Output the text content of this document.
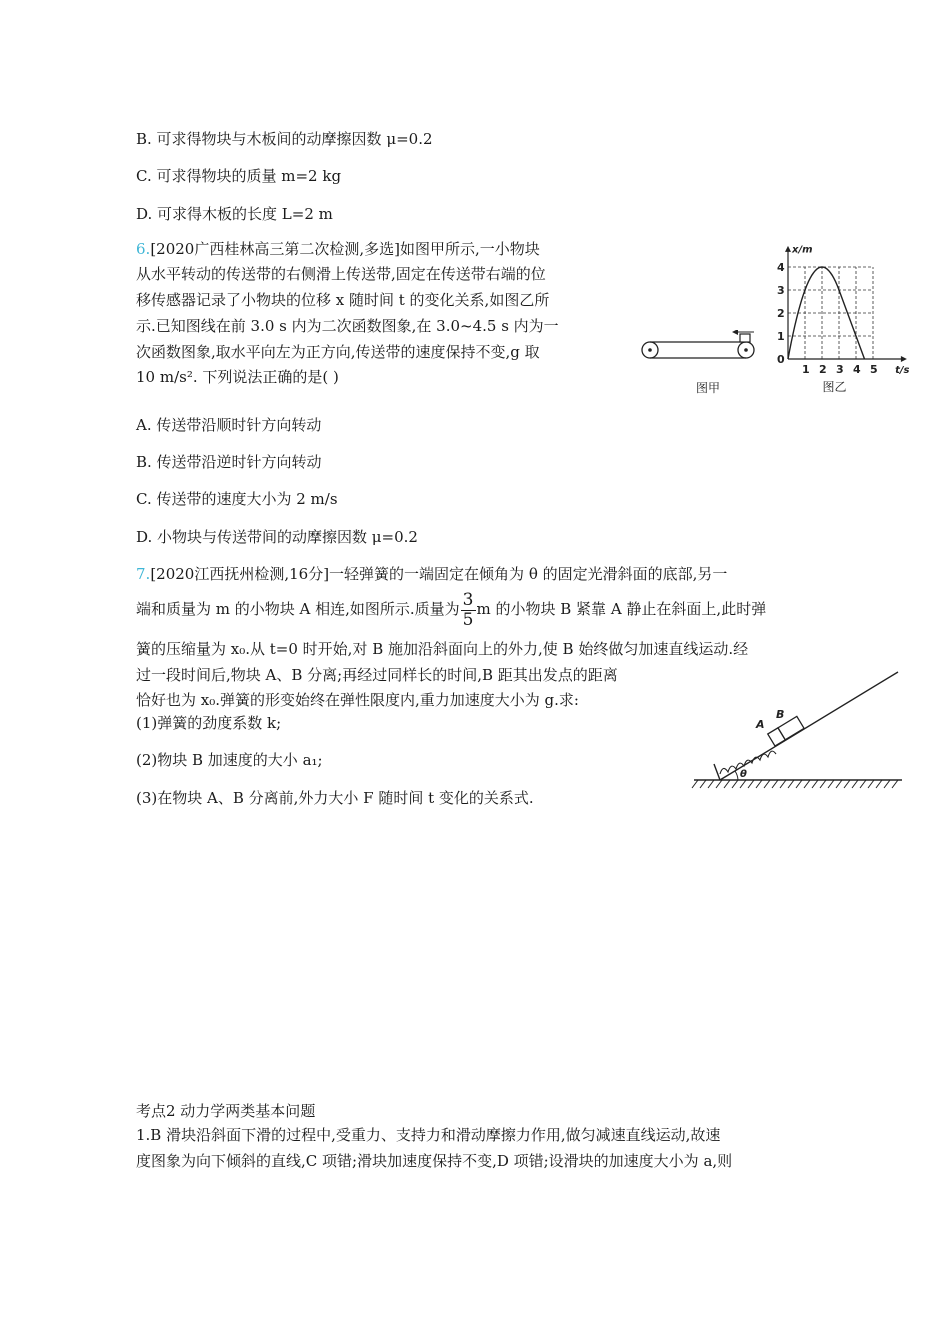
B. 可求得物块与木板间的动摩擦因数 μ=0.2
C. 可求得物块的质量 m=2 kg
D. 可求得木板的长度 L=2 m
6.[2020广西桂林高三第二次检测,多选]如图甲所示,一小物块
从水平转动的传送带的右侧滑上传送带,固定在传送带右端的位
移传感器记录了小物块的位移 x 随时间 t 的变化关系,如图乙所
示.已知图线在前 3.0 s 内为二次函数图象,在 3.0~4.5 s 内为一
次函数图象,取水平向左为正方向,传送带的速度保持不变,g 取
10 m/s². 下列说法正确的是( )
图甲
1 2 3 4 5
0
1
2
3
4
t/s
x/m
图乙
A. 传送带沿顺时针方向转动
B. 传送带沿逆时针方向转动
C. 传送带的速度大小为 2 m/s
D. 小物块与传送带间的动摩擦因数 μ=0.2
7.[2020江西抚州检测,16分]一轻弹簧的一端固定在倾角为 θ 的固定光滑斜面的底部,另一
端和质量为 m 的小物块 A 相连,如图所示.质量为 $\frac{3}{5}$ m 的小物块 B 紧靠 A 静止在斜面上,此时弹
簧的压缩量为 x₀.从 t=0 时开始,对 B 施加沿斜面向上的外力,使 B 始终做匀加速直线运动.经
过一段时间后,物块 A、B 分离;再经过同样长的时间,B 距其出发点的距离
恰好也为 x₀.弹簧的形变始终在弹性限度内,重力加速度大小为 g.求:
(1)弹簧的劲度系数 k;
(2)物块 B 加速度的大小 a₁;
(3)在物块 A、B 分离前,外力大小 F 随时间 t 变化的关系式.
A
B
θ
考点2 动力学两类基本问题
1.B 滑块沿斜面下滑的过程中,受重力、支持力和滑动摩擦力作用,做匀减速直线运动,故速
度图象为向下倾斜的直线,C 项错;滑块加速度保持不变,D 项错;设滑块的加速度大小为 a,则
